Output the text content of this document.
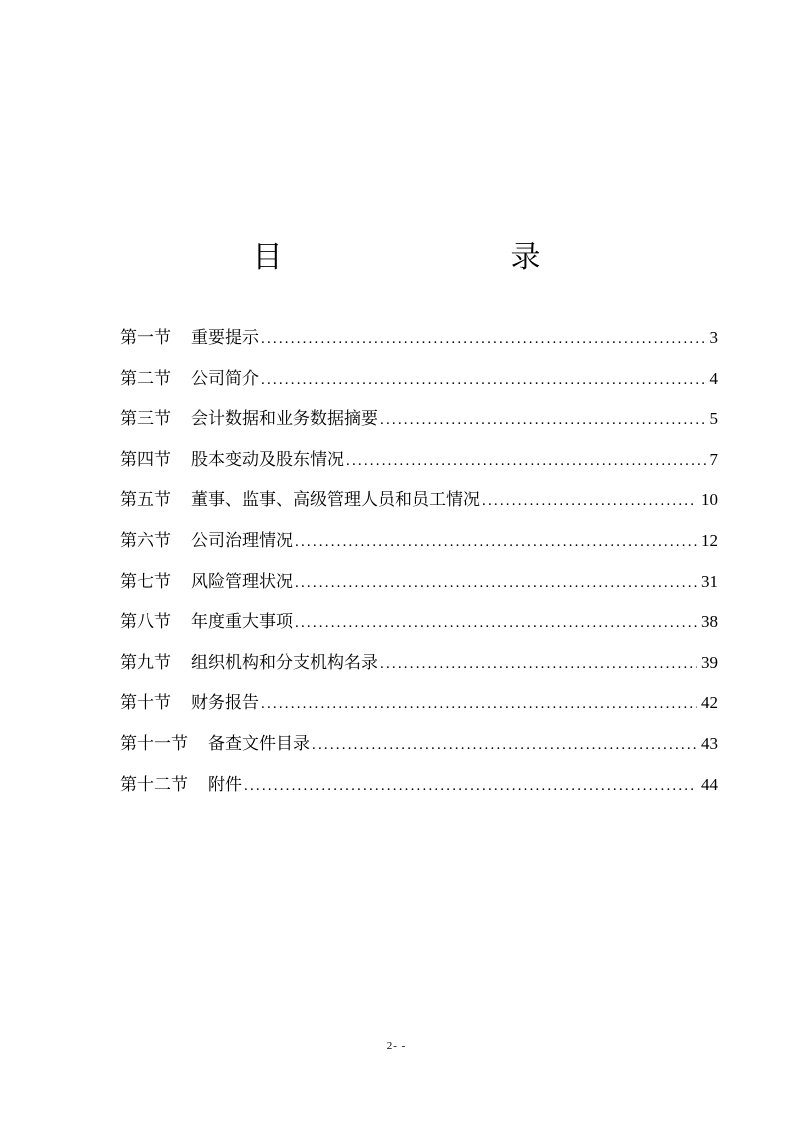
目　　录
第一节 重要提示 .....	3
第二节 公司简介 .....	4
第三节 会计数据和业务数据摘要 .....	5
第四节 股本变动及股东情况 .....	7
第五节 董事、监事、高级管理人员和员工情况 .....	10
第六节 公司治理情况 .....	12
第七节 风险管理状况 .....	31
第八节 年度重大事项 .....	38
第九节 组织机构和分支机构名录 .....	39
第十节 财务报告 .....	42
第十一节 备查文件目录 .....	43
第十二节 附件 .....	44
2- -
